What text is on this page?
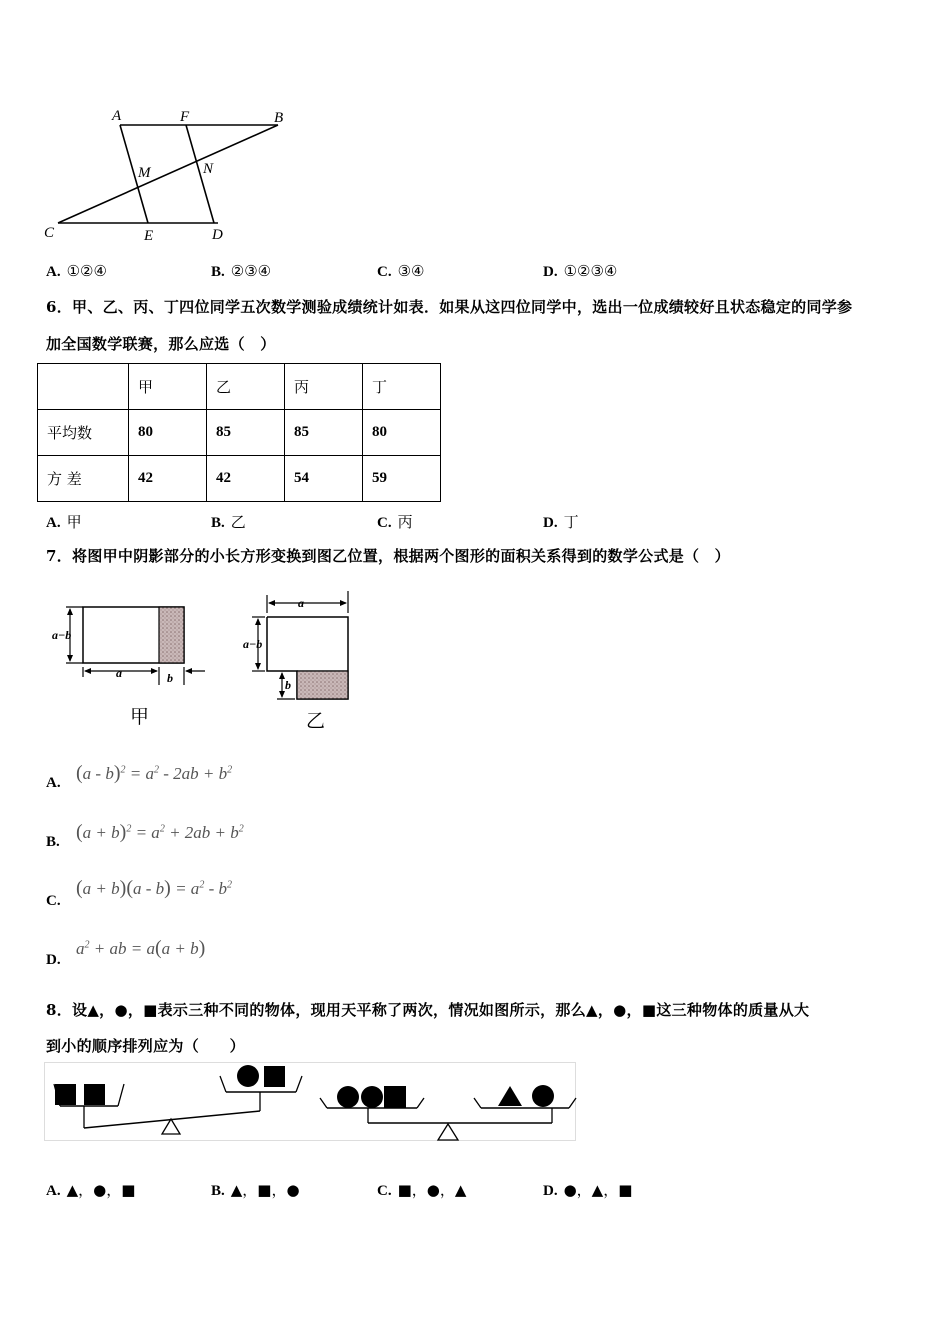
A	F	B
M	N
C	E	D
A. ①②④	B. ②③④	C. ③④	D. ①②③④
6．甲、乙、丙、丁四位同学五次数学测验成绩统计如表．如果从这四位同学中，选出一位成绩较好且状态稳定的同学参
加全国数学联赛，那么应选（　）
	甲	乙	丙	丁
平均数	80	85	85	80
方 差	42	42	54	59
A. 甲	B. 乙	C. 丙	D. 丁
7．将图甲中阴影部分的小长方形变换到图乙位置，根据两个图形的面积关系得到的数学公式是（　）
a−b
a	b
甲
a
a−b
b
乙
A. $(a - b)^2 = a^2 - 2ab + b^2$
B. $(a + b)^2 = a^2 + 2ab + b^2$
C.
$(a + b)(a - b) = a^2 - b^2$
D.
$a^2$ + ab = a(a + b)
(a - b)² = a² - 2ab + b²
(a + b)² = a² + 2ab + b²
(a + b)(a - b) = a² - b²
a² + ab = a(a + b)
8．设▲，●，■表示三种不同的物体，现用天平称了两次，情况如图所示，那么▲，●，■这三种物体的质量从大
到小的顺序排列应为（　　）
A. ▲，●，■	B. ▲，■，●	C. ■，●，▲	D. ●，▲，■
